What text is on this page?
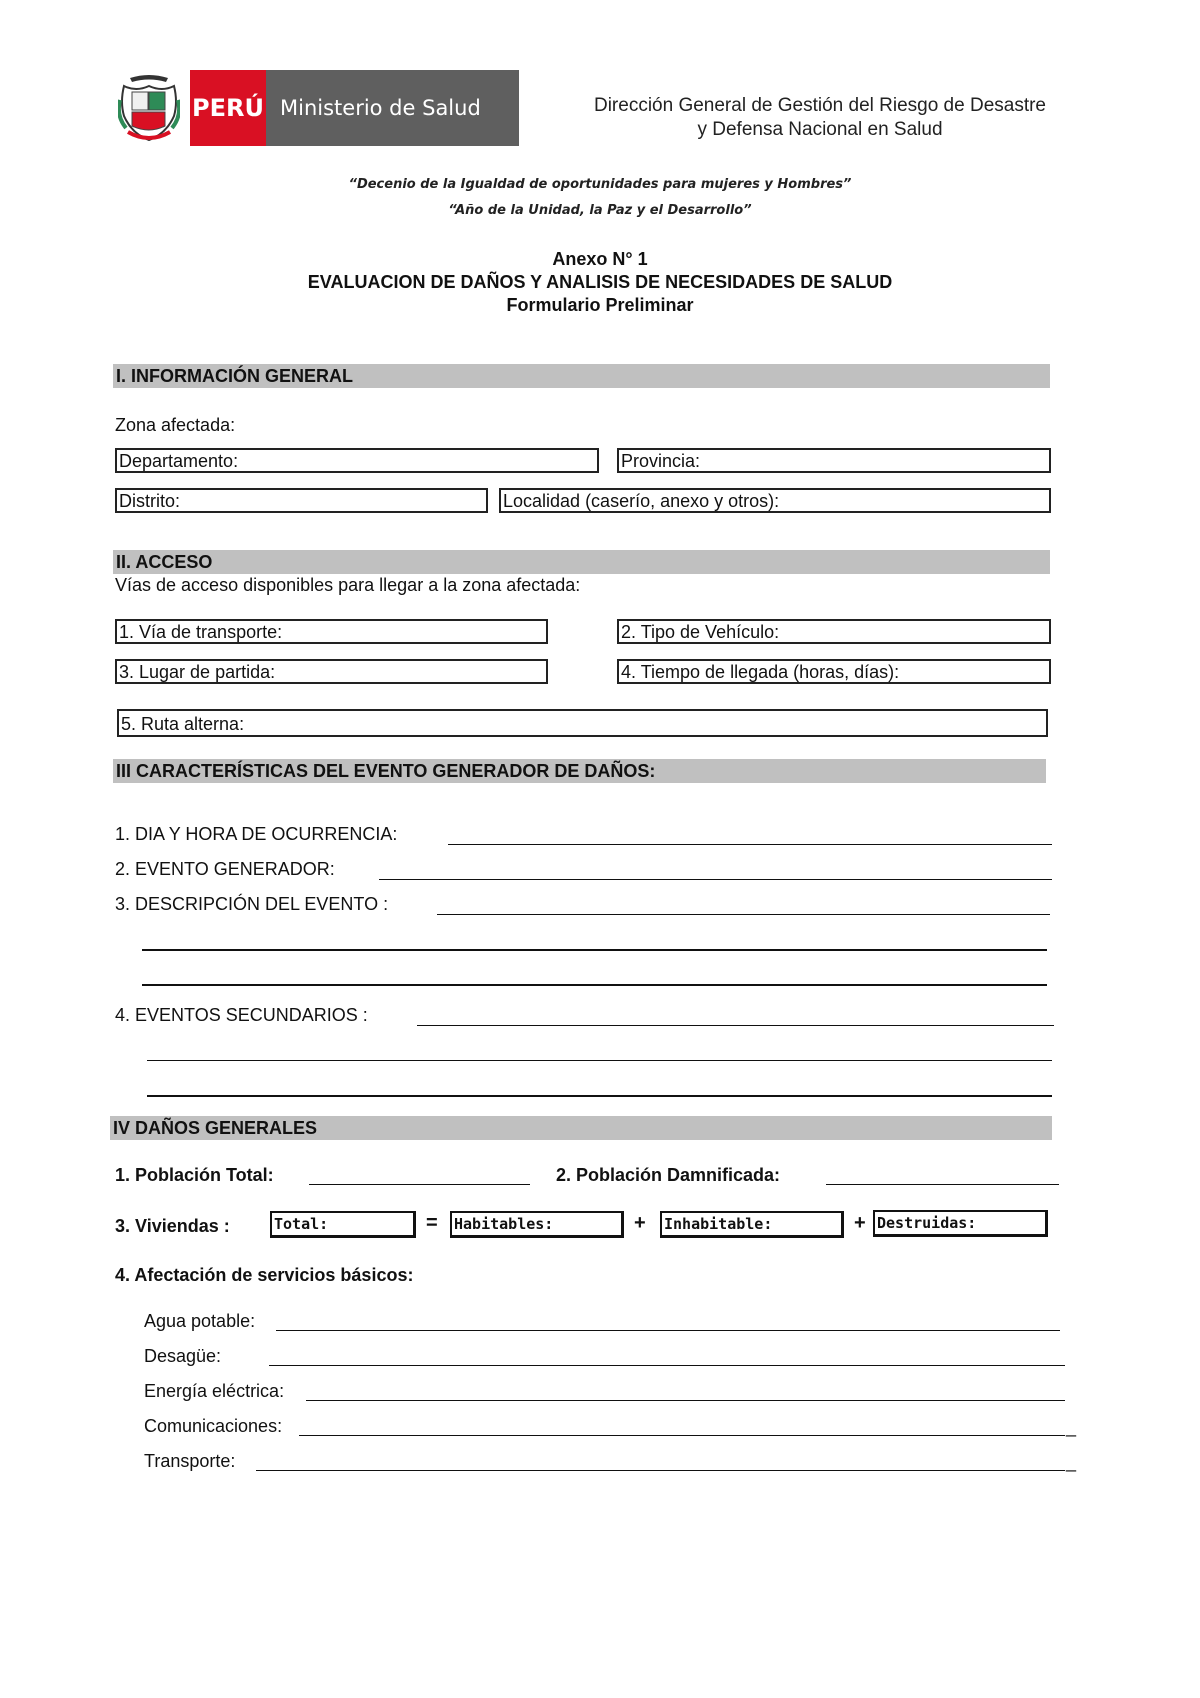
PERÚ Ministerio de Salud	Dirección General de Gestión del Riesgo de Desastre
y Defensa Nacional en Salud
“Decenio de la Igualdad de oportunidades para mujeres y Hombres”
“Año de la Unidad, la Paz y el Desarrollo”
Anexo N° 1
EVALUACION DE DAÑOS Y ANALISIS DE NECESIDADES DE SALUD
Formulario Preliminar
I. INFORMACIÓN GENERAL
Zona afectada:
Departamento:	Provincia:
Distrito:	Localidad (caserío, anexo y otros):
II. ACCESO
Vías de acceso disponibles para llegar a la zona afectada:
1. Vía de transporte:	2. Tipo de Vehículo:
3. Lugar de partida:	4. Tiempo de llegada (horas, días):
5. Ruta alterna:
III CARACTERÍSTICAS DEL EVENTO GENERADOR DE DAÑOS:
1. DIA Y HORA DE OCURRENCIA:
2. EVENTO GENERADOR:
3. DESCRIPCIÓN DEL EVENTO :
4. EVENTOS SECUNDARIOS :
IV DAÑOS GENERALES
1. Población Total:	2. Población Damnificada:
3. Viviendas :	Total:	= Habitables:	+ Inhabitable:	+ Destruidas:
4. Afectación de servicios básicos:
Agua potable:
Desagüe:
Energía eléctrica:
Comunicaciones:	_
Transporte:	_
